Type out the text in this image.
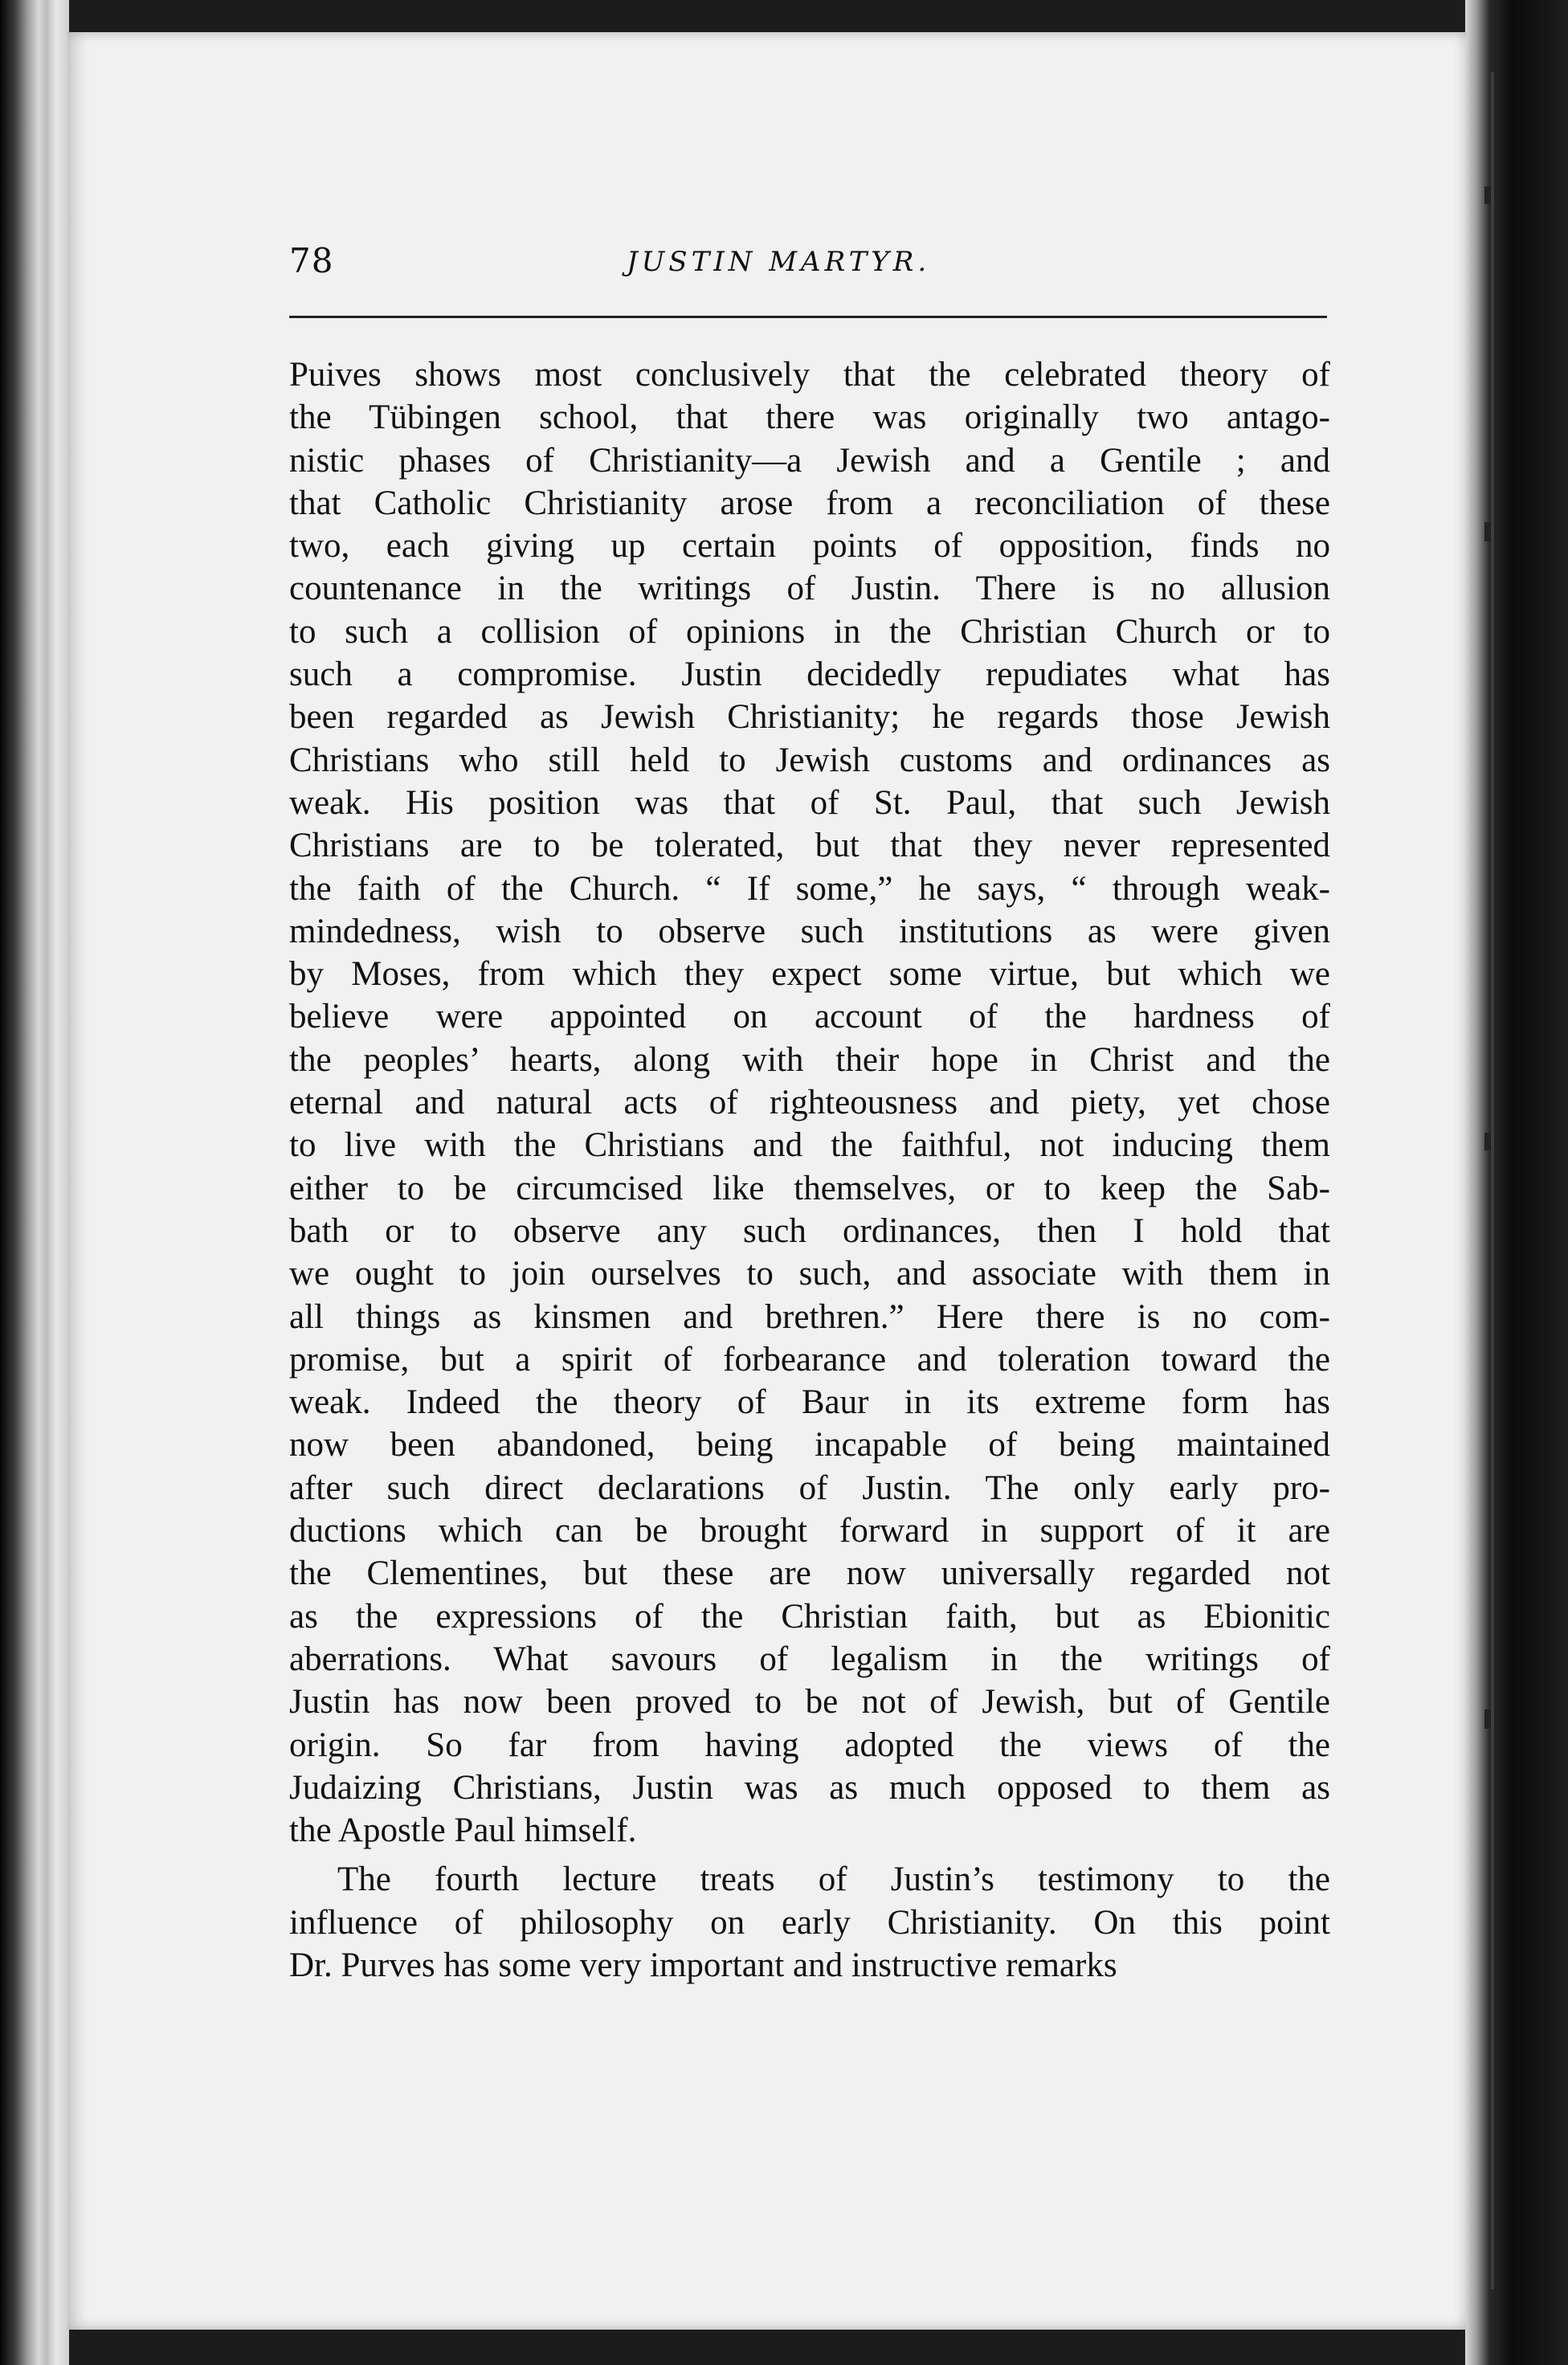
78	JUSTIN MARTYR.
Puives shows most conclusively that the celebrated theory of
the Tübingen school, that there was originally two antago-
nistic phases of Christianity—a Jewish and a Gentile ; and
that Catholic Christianity arose from a reconciliation of these
two, each giving up certain points of opposition, finds no
countenance in the writings of Justin. There is no allusion
to such a collision of opinions in the Christian Church or to
such a compromise. Justin decidedly repudiates what has
been regarded as Jewish Christianity; he regards those Jewish
Christians who still held to Jewish customs and ordinances as
weak. His position was that of St. Paul, that such Jewish
Christians are to be tolerated, but that they never represented
the faith of the Church. “ If some,” he says, “ through weak-
mindedness, wish to observe such institutions as were given
by Moses, from which they expect some virtue, but which we
believe were appointed on account of the hardness of
the peoples’ hearts, along with their hope in Christ and the
eternal and natural acts of righteousness and piety, yet chose
to live with the Christians and the faithful, not inducing them
either to be circumcised like themselves, or to keep the Sab-
bath or to observe any such ordinances, then I hold that
we ought to join ourselves to such, and associate with them in
all things as kinsmen and brethren.” Here there is no com-
promise, but a spirit of forbearance and toleration toward the
weak. Indeed the theory of Baur in its extreme form has
now been abandoned, being incapable of being maintained
after such direct declarations of Justin. The only early pro-
ductions which can be brought forward in support of it are
the Clementines, but these are now universally regarded not
as the expressions of the Christian faith, but as Ebionitic
aberrations. What savours of legalism in the writings of
Justin has now been proved to be not of Jewish, but of Gentile
origin. So far from having adopted the views of the
Judaizing Christians, Justin was as much opposed to them as
the Apostle Paul himself.
The fourth lecture treats of Justin’s testimony to the
influence of philosophy on early Christianity. On this point
Dr. Purves has some very important and instructive remarks
